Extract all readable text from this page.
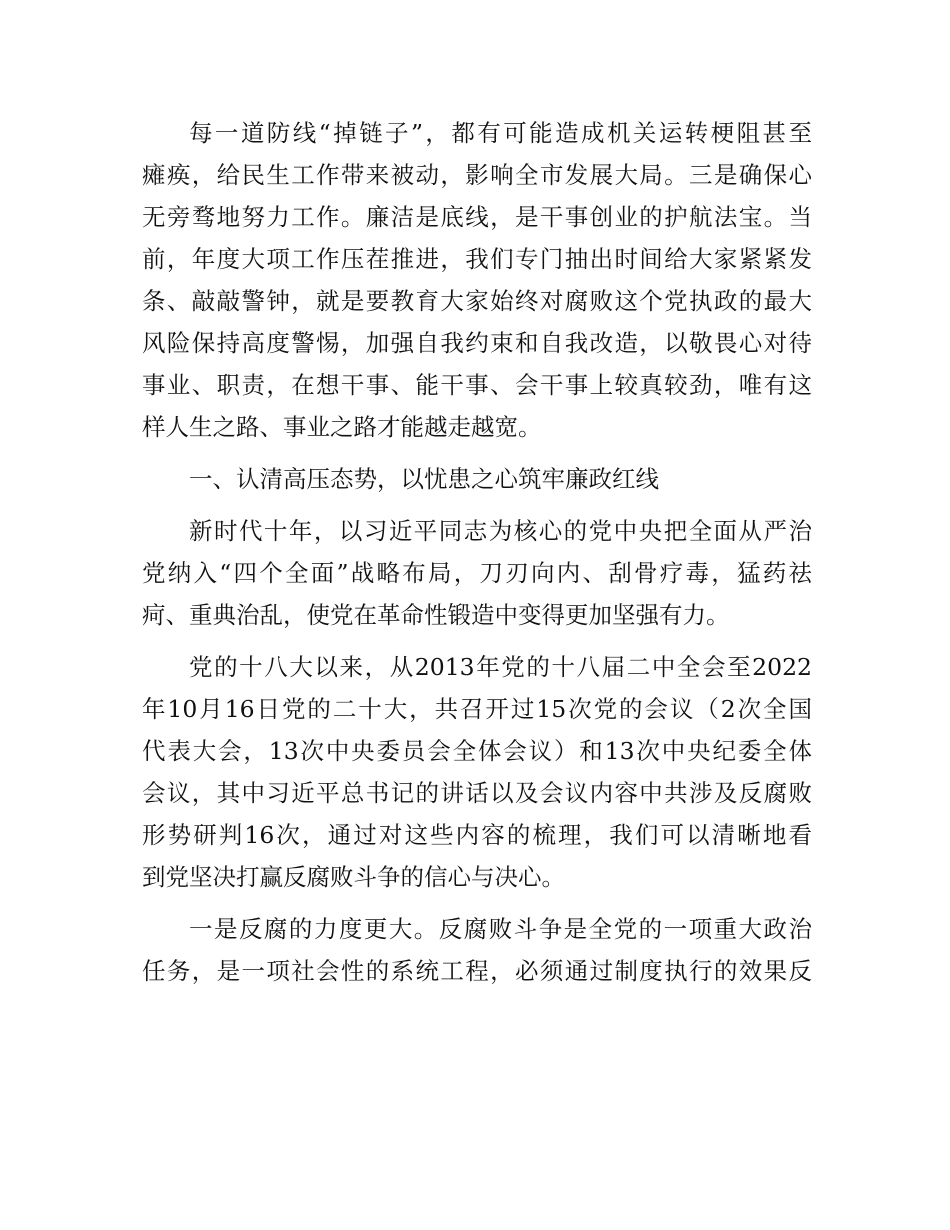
每一道防线“掉链子”，都有可能造成机关运转梗阻甚至
瘫痪，给民生工作带来被动，影响全市发展大局。三是确保心
无旁骛地努力工作。廉洁是底线，是干事创业的护航法宝。当
前，年度大项工作压茬推进，我们专门抽出时间给大家紧紧发
条、敲敲警钟，就是要教育大家始终对腐败这个党执政的最大
风险保持高度警惕，加强自我约束和自我改造，以敬畏心对待
事业、职责，在想干事、能干事、会干事上较真较劲，唯有这
样人生之路、事业之路才能越走越宽。
一、认清高压态势，以忧患之心筑牢廉政红线
新时代十年，以习近平同志为核心的党中央把全面从严治
党纳入“四个全面”战略布局，刀刃向内、刮骨疗毒，猛药祛
疴、重典治乱，使党在革命性锻造中变得更加坚强有力。
党的十八大以来，从2013年党的十八届二中全会至2022
年10月16日党的二十大，共召开过15次党的会议（2次全国
代表大会，13次中央委员会全体会议）和13次中央纪委全体
会议，其中习近平总书记的讲话以及会议内容中共涉及反腐败
形势研判16次，通过对这些内容的梳理，我们可以清晰地看
到党坚决打赢反腐败斗争的信心与决心。
一是反腐的力度更大。反腐败斗争是全党的一项重大政治
任务，是一项社会性的系统工程，必须通过制度执行的效果反
